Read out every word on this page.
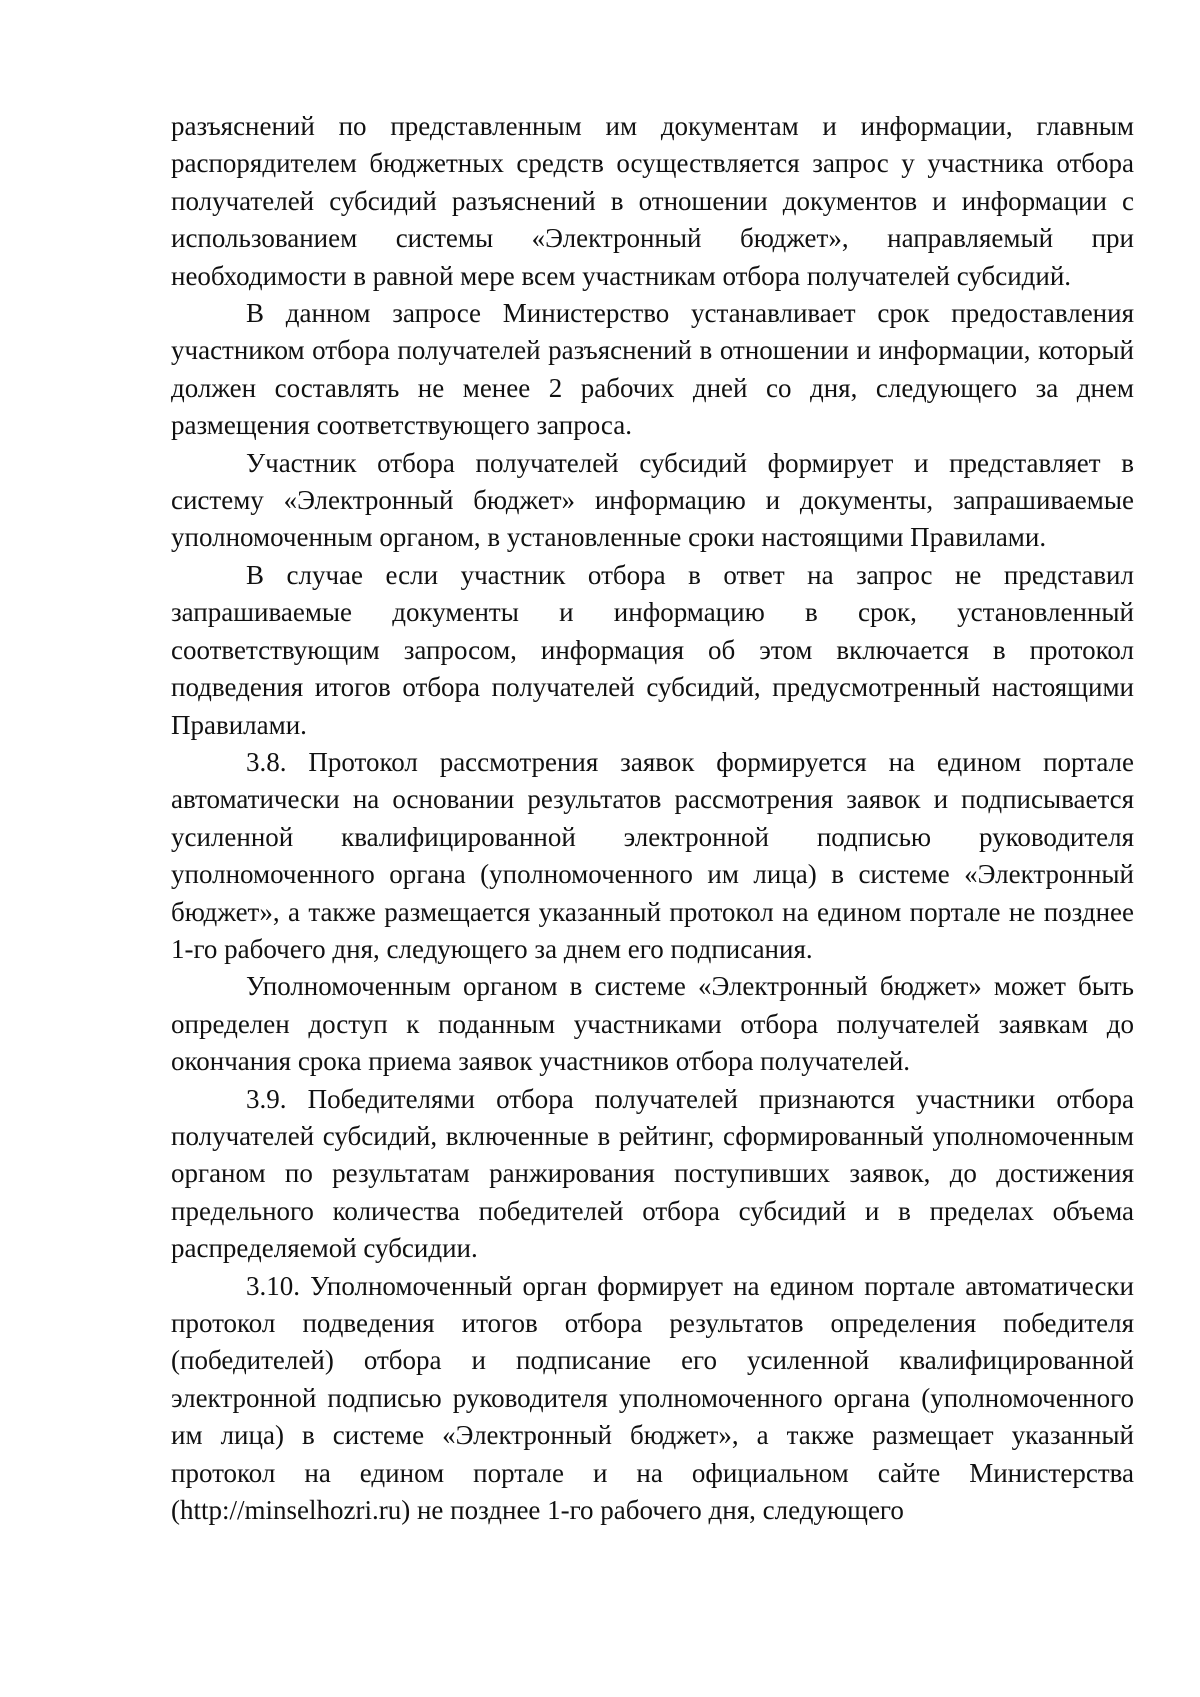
разъяснений по представленным им документам и информации, главным распорядителем бюджетных средств осуществляется запрос у участника отбора получателей субсидий разъяснений в отношении документов и информации с использованием системы «Электронный бюджет», направляемый при необходимости в равной мере всем участникам отбора получателей субсидий.

В данном запросе Министерство устанавливает срок предоставления участником отбора получателей разъяснений в отношении и информации, который должен составлять не менее 2 рабочих дней со дня, следующего за днем размещения соответствующего запроса.

Участник отбора получателей субсидий формирует и представляет в систему «Электронный бюджет» информацию и документы, запрашиваемые уполномоченным органом, в установленные сроки настоящими Правилами.

В случае если участник отбора в ответ на запрос не представил запрашиваемые документы и информацию в срок, установленный соответствующим запросом, информация об этом включается в протокол подведения итогов отбора получателей субсидий, предусмотренный настоящими Правилами.

3.8. Протокол рассмотрения заявок формируется на едином портале автоматически на основании результатов рассмотрения заявок и подписывается усиленной квалифицированной электронной подписью руководителя уполномоченного органа (уполномоченного им лица) в системе «Электронный бюджет», а также размещается указанный протокол на едином портале не позднее 1-го рабочего дня, следующего за днем его подписания.

Уполномоченным органом в системе «Электронный бюджет» может быть определен доступ к поданным участниками отбора получателей заявкам до окончания срока приема заявок участников отбора получателей.

3.9. Победителями отбора получателей признаются участники отбора получателей субсидий, включенные в рейтинг, сформированный уполномоченным органом по результатам ранжирования поступивших заявок, до достижения предельного количества победителей отбора субсидий и в пределах объема распределяемой субсидии.

3.10. Уполномоченный орган формирует на едином портале автоматически протокол подведения итогов отбора результатов определения победителя (победителей) отбора и подписание его усиленной квалифицированной электронной подписью руководителя уполномоченного органа (уполномоченного им лица) в системе «Электронный бюджет», а также размещает указанный протокол на едином портале и на официальном сайте Министерства (http://minselhozri.ru) не позднее 1-го рабочего дня, следующего
